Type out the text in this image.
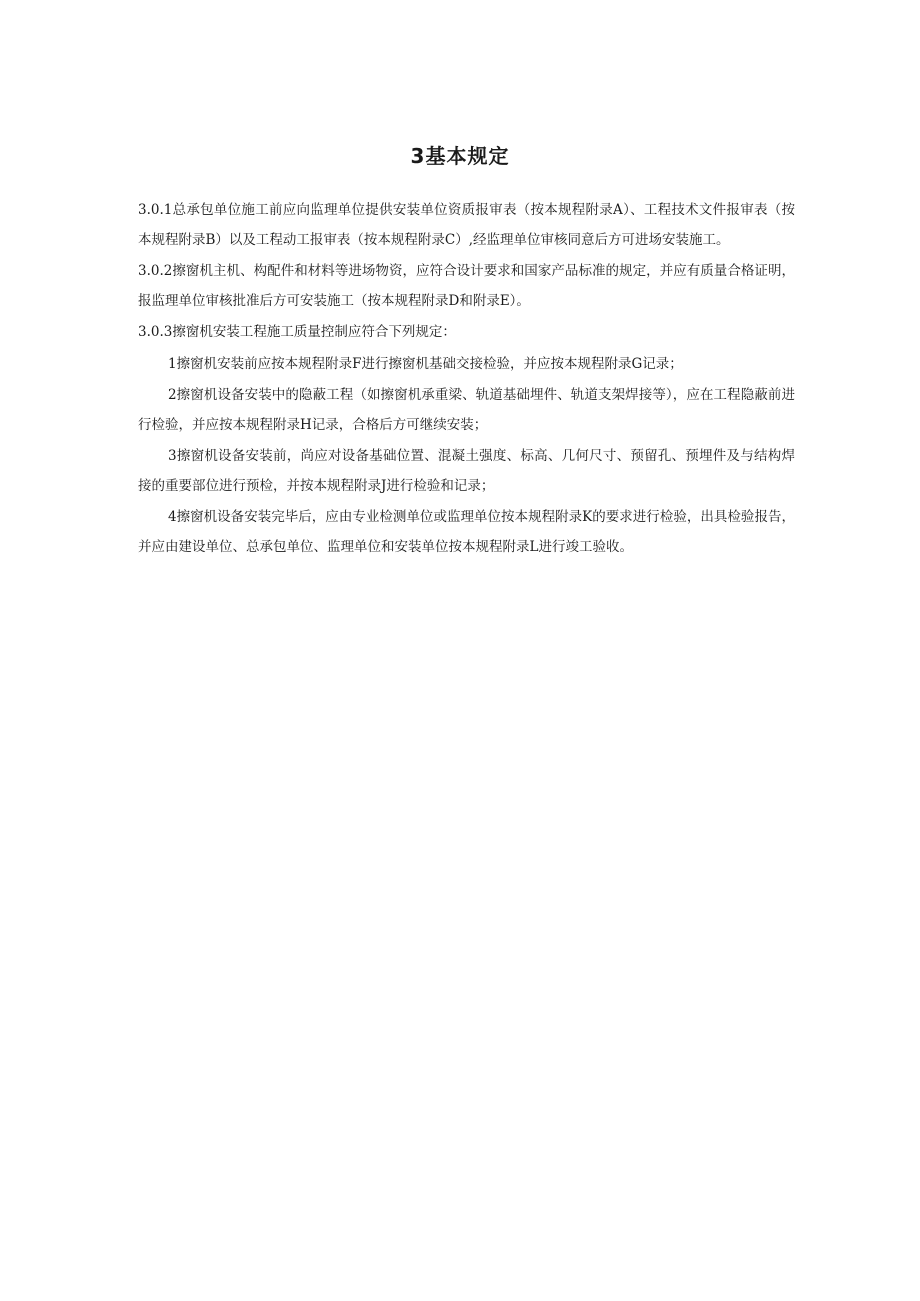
3基本规定

3.0.1总承包单位施工前应向监理单位提供安装单位资质报审表（按本规程附录A）、工程技术文件报审表（按本规程附录B）以及工程动工报审表（按本规程附录C）,经监理单位审核同意后方可进场安装施工。

3.0.2擦窗机主机、构配件和材料等进场物资，应符合设计要求和国家产品标准的规定，并应有质量合格证明，报监理单位审核批准后方可安装施工（按本规程附录D和附录E）。

3.0.3擦窗机安装工程施工质量控制应符合下列规定：

1擦窗机安装前应按本规程附录F进行擦窗机基础交接检验，并应按本规程附录G记录；

2擦窗机设备安装中的隐蔽工程（如擦窗机承重梁、轨道基础埋件、轨道支架焊接等），应在工程隐蔽前进行检验，并应按本规程附录H记录，合格后方可继续安装；

3擦窗机设备安装前，尚应对设备基础位置、混凝土强度、标高、几何尺寸、预留孔、预埋件及与结构焊接的重要部位进行预检，并按本规程附录J进行检验和记录；

4擦窗机设备安装完毕后，应由专业检测单位或监理单位按本规程附录K的要求进行检验，出具检验报告，并应由建设单位、总承包单位、监理单位和安装单位按本规程附录L进行竣工验收。
